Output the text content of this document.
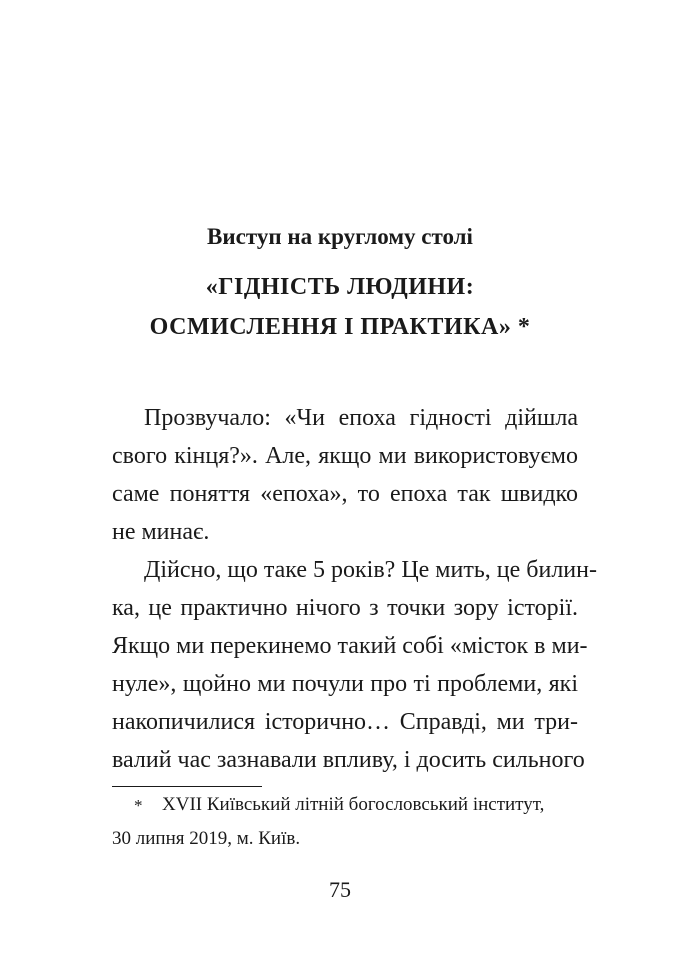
Виступ на круглому столі
«ГІДНІСТЬ ЛЮДИНИ:
ОСМИСЛЕННЯ І ПРАКТИКА» *
Прозвучало: «Чи епоха гідності дійшла
свого кінця?». Але, якщо ми використовуємо
саме поняття «епоха», то епоха так швидко
не минає.
Дійсно, що таке 5 років? Це мить, це билин-
ка, це практично нічого з точки зору історії.
Якщо ми перекинемо такий собі «місток в ми-
нуле», щойно ми почули про ті проблеми, які
накопичилися історично… Справді, ми три-
валий час зазнавали впливу, і досить сильного
* XVII Київський літній богословський інститут,
30 липня 2019, м. Київ.
75
